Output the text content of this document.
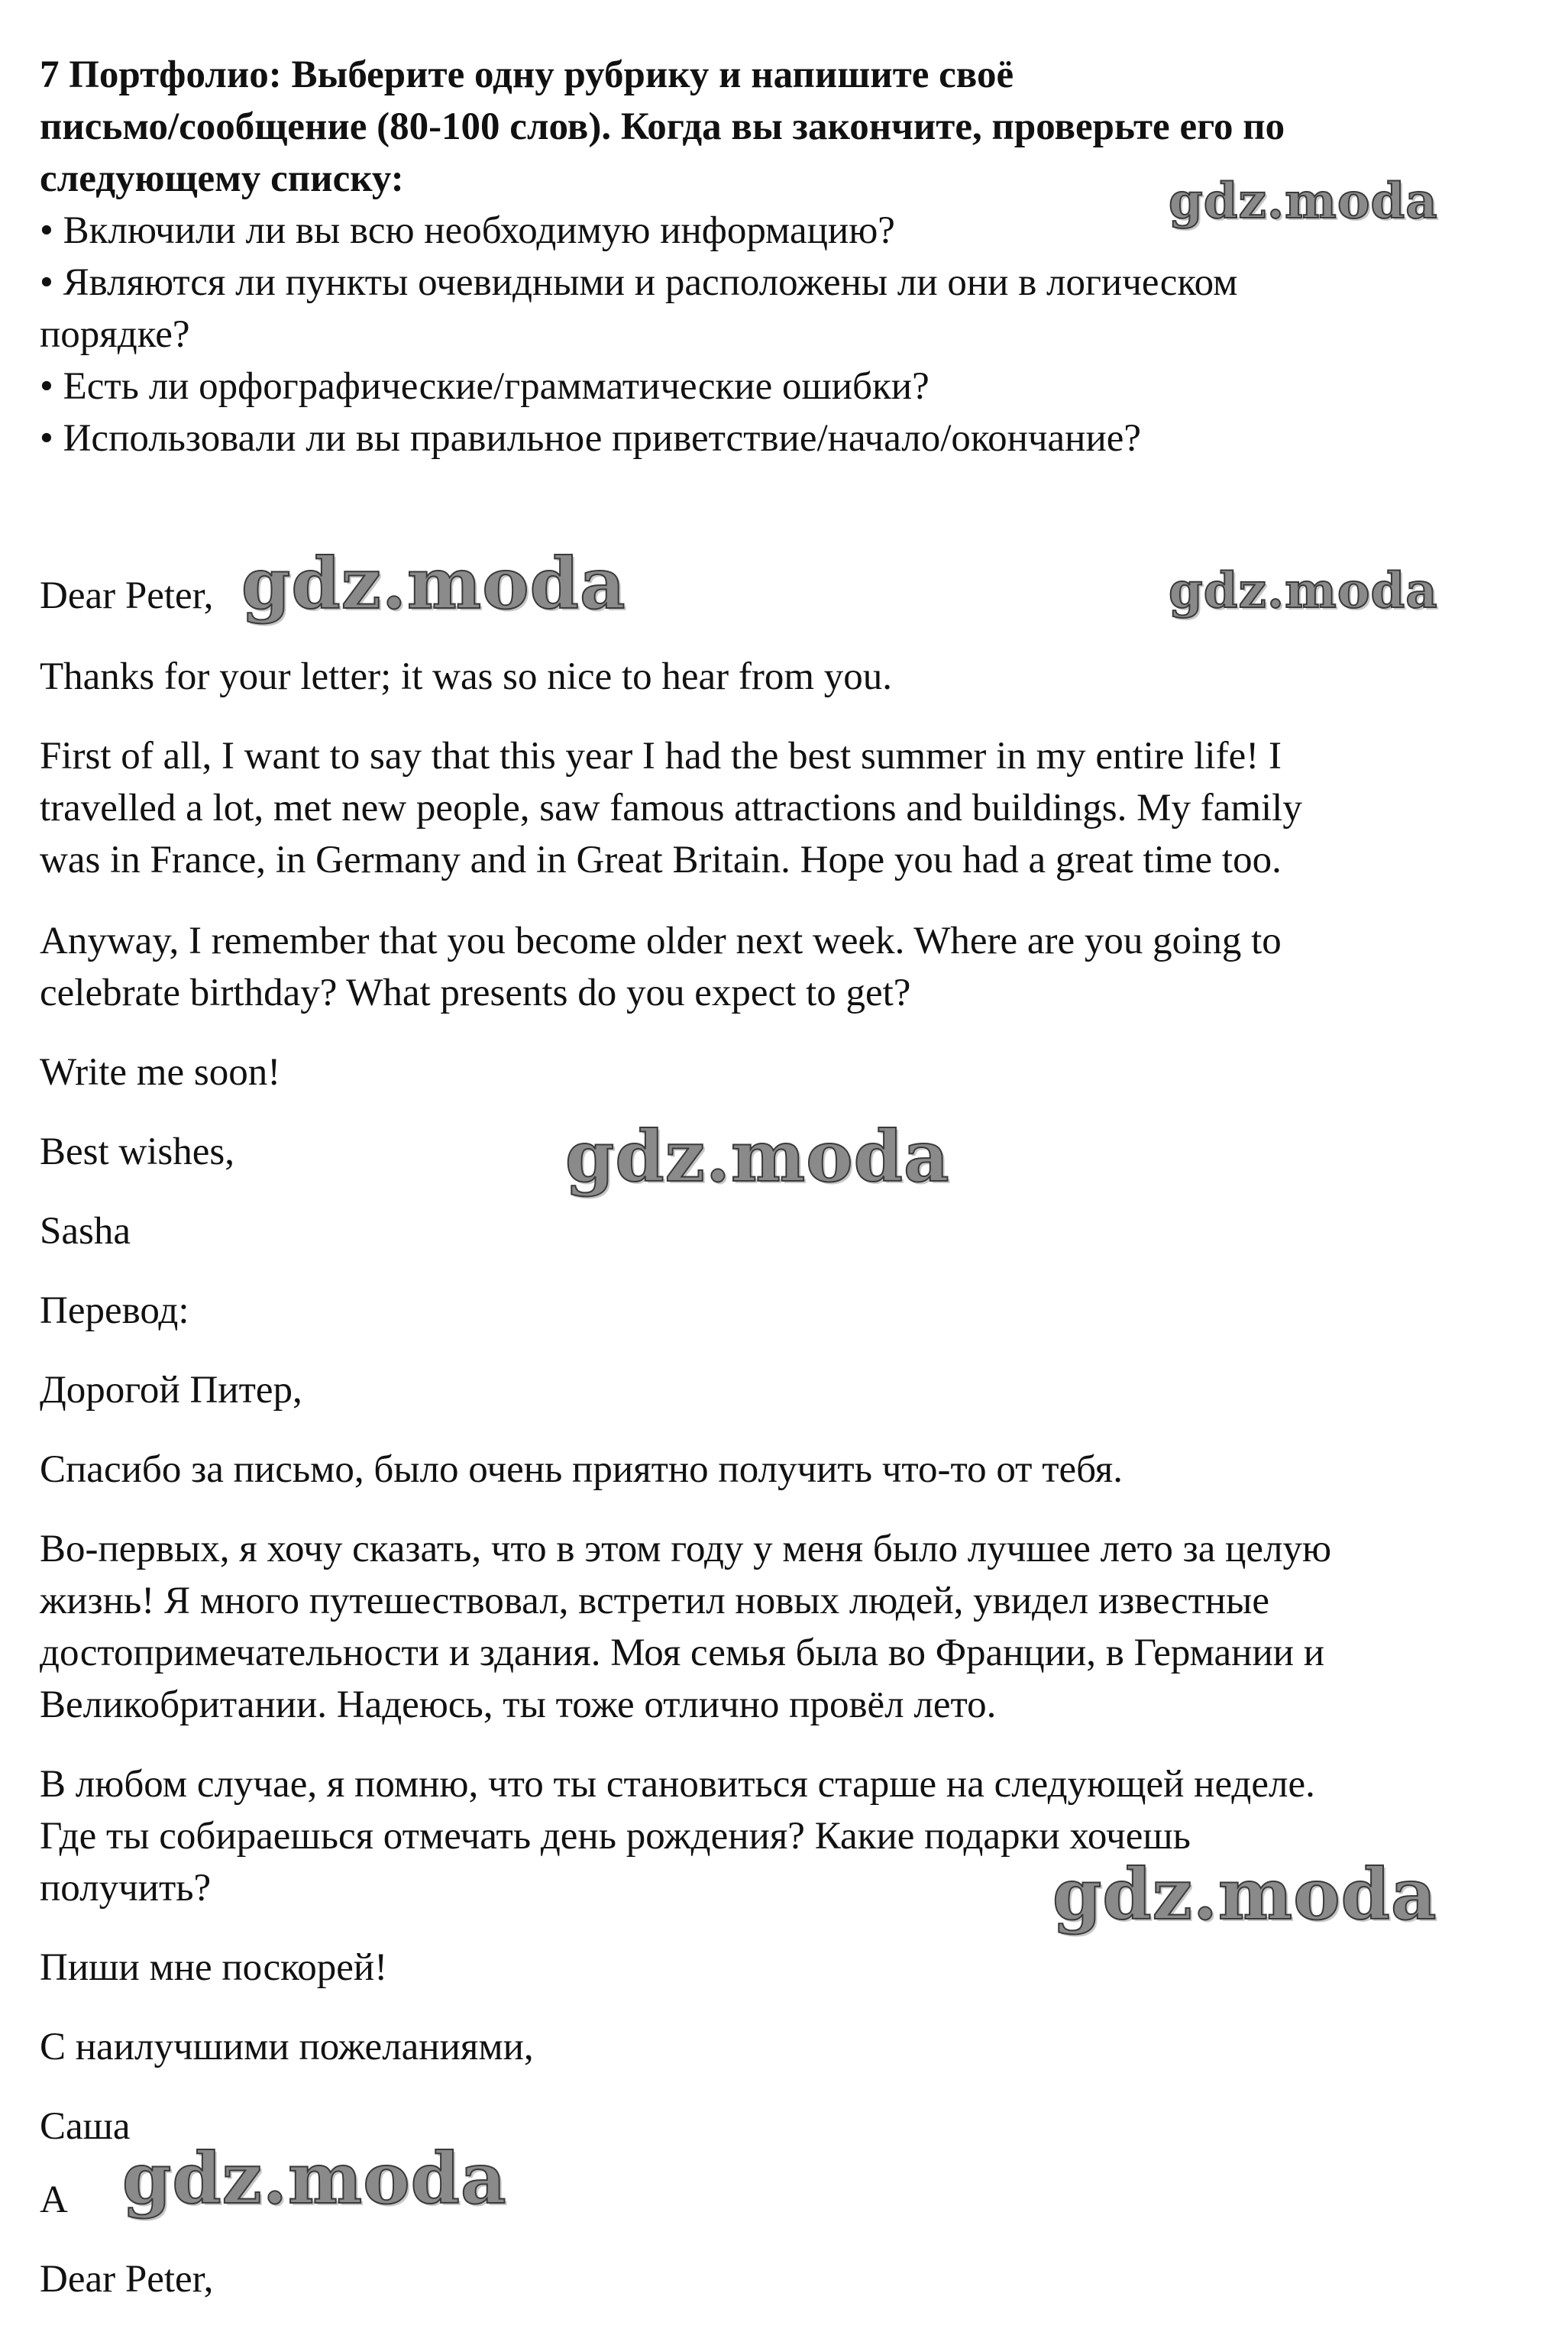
7 Портфолио: Выберите одну рубрику и напишите своё
письмо/сообщение (80-100 слов). Когда вы закончите, проверьте его по
следующему списку:
• Включили ли вы всю необходимую информацию?
• Являются ли пункты очевидными и расположены ли они в логическом
порядке?
• Есть ли орфографические/грамматические ошибки?
• Использовали ли вы правильное приветствие/начало/окончание?
Dear Peter,
Thanks for your letter; it was so nice to hear from you.
First of all, I want to say that this year I had the best summer in my entire life! I
travelled a lot, met new people, saw famous attractions and buildings. My family
was in France, in Germany and in Great Britain. Hope you had a great time too.
Anyway, I remember that you become older next week. Where are you going to
celebrate birthday? What presents do you expect to get?
Write me soon!
Best wishes,
Sasha
Перевод:
Дорогой Питер,
Спасибо за письмо, было очень приятно получить что-то от тебя.
Во-первых, я хочу сказать, что в этом году у меня было лучшее лето за целую
жизнь! Я много путешествовал, встретил новых людей, увидел известные
достопримечательности и здания. Моя семья была во Франции, в Германии и
Великобритании. Надеюсь, ты тоже отлично провёл лето.
В любом случае, я помню, что ты становиться старше на следующей неделе.
Где ты собираешься отмечать день рождения? Какие подарки хочешь
получить?
Пиши мне поскорей!
С наилучшими пожеланиями,
Саша
A
Dear Peter,
gdz.moda
gdz.moda	gdz.moda
gdz.moda
gdz.moda
gdz.moda
